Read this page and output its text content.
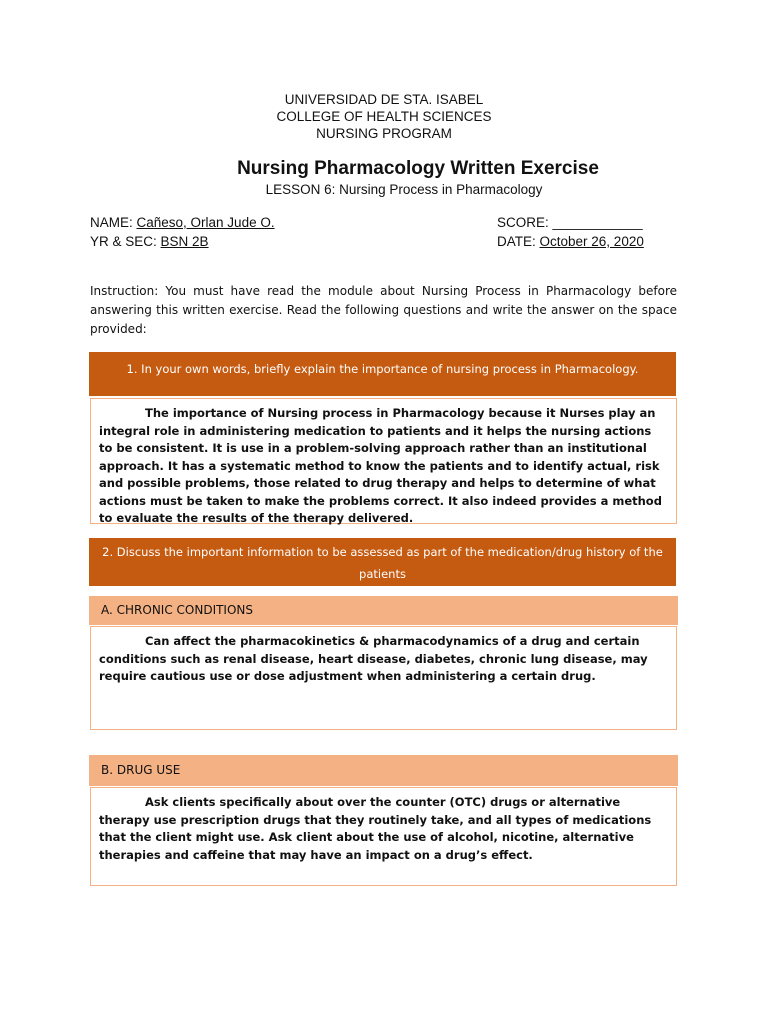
UNIVERSIDAD DE STA. ISABEL
COLLEGE OF HEALTH SCIENCES
NURSING PROGRAM
Nursing Pharmacology Written Exercise
LESSON 6: Nursing Process in Pharmacology
NAME: Cañeso, Orlan Jude O.
YR & SEC: BSN 2B
SCORE: ____________
DATE: October 26, 2020
Instruction: You must have read the module about Nursing Process in Pharmacology before answering this written exercise. Read the following questions and write the answer on the space provided:
1. In your own words, briefly explain the importance of nursing process in Pharmacology.

The importance of Nursing process in Pharmacology because it Nurses play an integral role in administering medication to patients and it helps the nursing actions to be consistent. It is use in a problem-solving approach rather than an institutional approach. It has a systematic method to know the patients and to identify actual, risk and possible problems, those related to drug therapy and helps to determine of what actions must be taken to make the problems correct. It also indeed provides a method to evaluate the results of the therapy delivered.

2. Discuss the important information to be assessed as part of the medication/drug history of the patients
A. CHRONIC CONDITIONS

Can affect the pharmacokinetics & pharmacodynamics of a drug and certain conditions such as renal disease, heart disease, diabetes, chronic lung disease, may require cautious use or dose adjustment when administering a certain drug.

B. DRUG USE

Ask clients specifically about over the counter (OTC) drugs or alternative therapy use prescription drugs that they routinely take, and all types of medications that the client might use. Ask client about the use of alcohol, nicotine, alternative therapies and caffeine that may have an impact on a drug’s effect.
